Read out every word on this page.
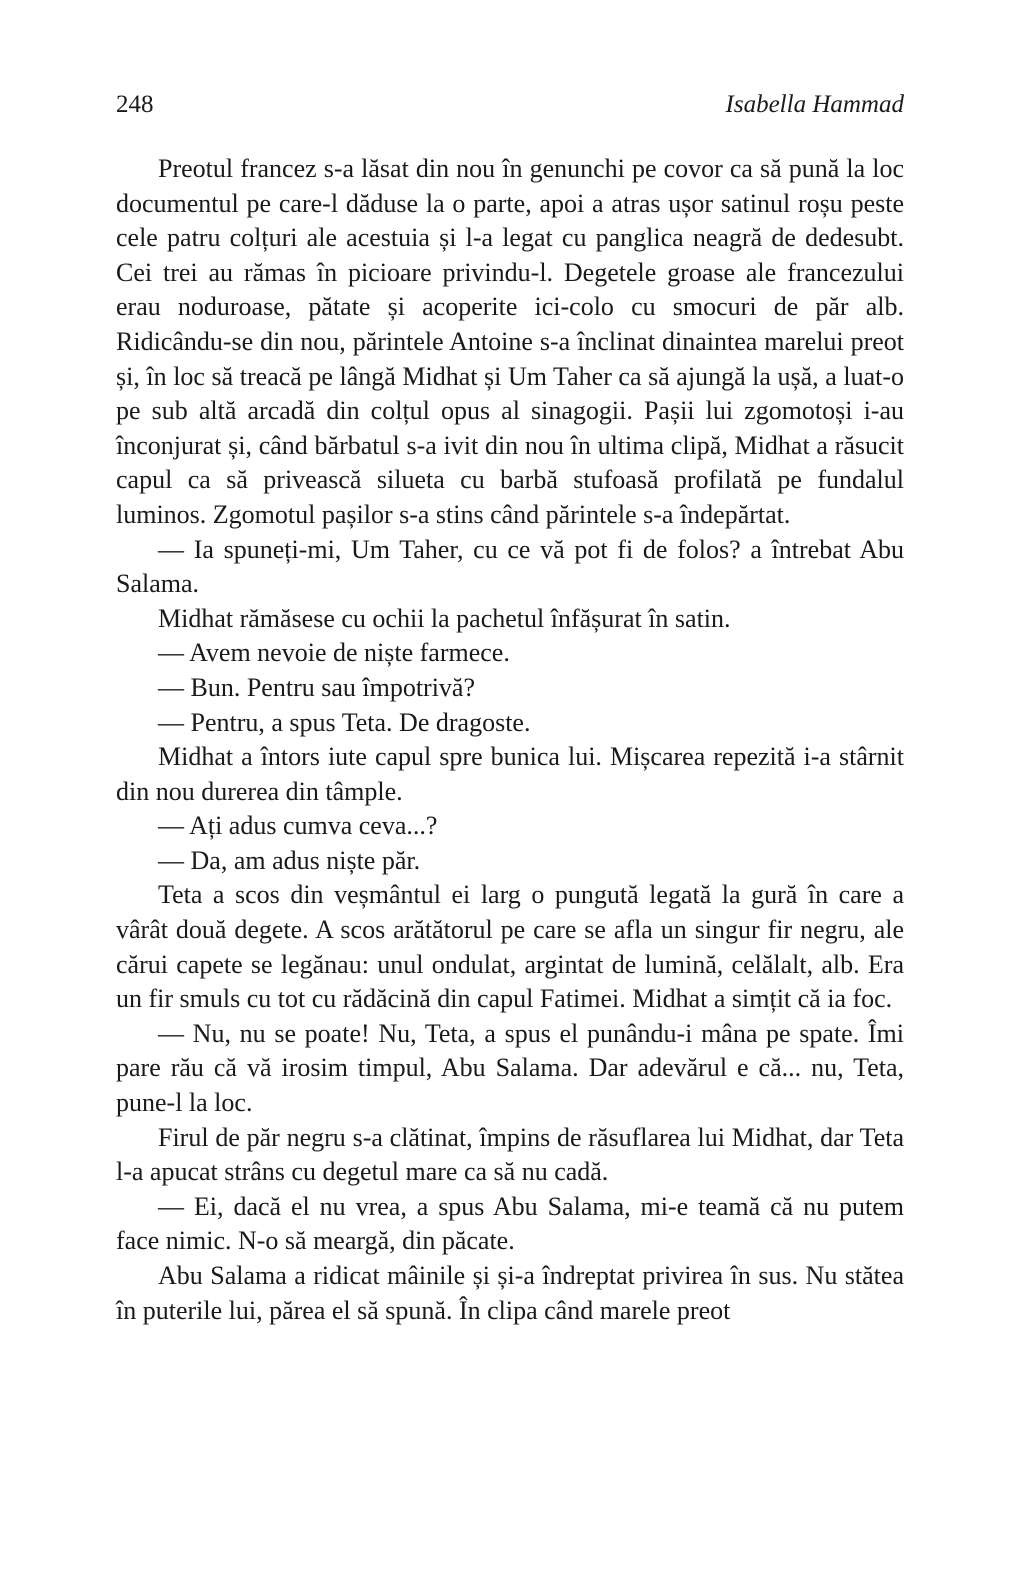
248	Isabella Hammad

Preotul francez s-a lăsat din nou în genunchi pe covor ca să pună la loc documentul pe care-l dăduse la o parte, apoi a atras ușor satinul roșu peste cele patru colțuri ale acestuia și l-a legat cu panglica neagră de dedesubt. Cei trei au rămas în picioare privindu-l. Degetele groase ale francezului erau noduroase, pătate și acoperite ici-colo cu smocuri de păr alb. Ridicându-se din nou, părintele Antoine s-a înclinat dinaintea marelui preot și, în loc să treacă pe lângă Midhat și Um Taher ca să ajungă la ușă, a luat-o pe sub altă arcadă din colțul opus al sinagogii. Pașii lui zgomotoși i-au înconjurat și, când bărbatul s-a ivit din nou în ultima clipă, Midhat a răsucit capul ca să privească silueta cu barbă stufoasă profilată pe fundalul luminos. Zgomotul pașilor s-a stins când părintele s-a îndepărtat.

— Ia spuneți-mi, Um Taher, cu ce vă pot fi de folos? a întrebat Abu Salama.

Midhat rămăsese cu ochii la pachetul înfășurat în satin.

— Avem nevoie de niște farmece.

— Bun. Pentru sau împotrivă?

— Pentru, a spus Teta. De dragoste.

Midhat a întors iute capul spre bunica lui. Mișcarea repezită i-a stârnit din nou durerea din tâmple.

— Ați adus cumva ceva...?

— Da, am adus niște păr.

Teta a scos din veșmântul ei larg o pungută legată la gură în care a vârât două degete. A scos arătătorul pe care se afla un singur fir negru, ale cărui capete se legănau: unul ondulat, argintat de lumină, celălalt, alb. Era un fir smuls cu tot cu rădăcină din capul Fatimei. Midhat a simțit că ia foc.

— Nu, nu se poate! Nu, Teta, a spus el punându-i mâna pe spate. Îmi pare rău că vă irosim timpul, Abu Salama. Dar adevărul e că... nu, Teta, pune-l la loc.

Firul de păr negru s-a clătinat, împins de răsuflarea lui Midhat, dar Teta l-a apucat strâns cu degetul mare ca să nu cadă.

— Ei, dacă el nu vrea, a spus Abu Salama, mi-e teamă că nu putem face nimic. N-o să meargă, din păcate.

Abu Salama a ridicat mâinile și și-a îndreptat privirea în sus. Nu stătea în puterile lui, părea el să spună. În clipa când marele preot
